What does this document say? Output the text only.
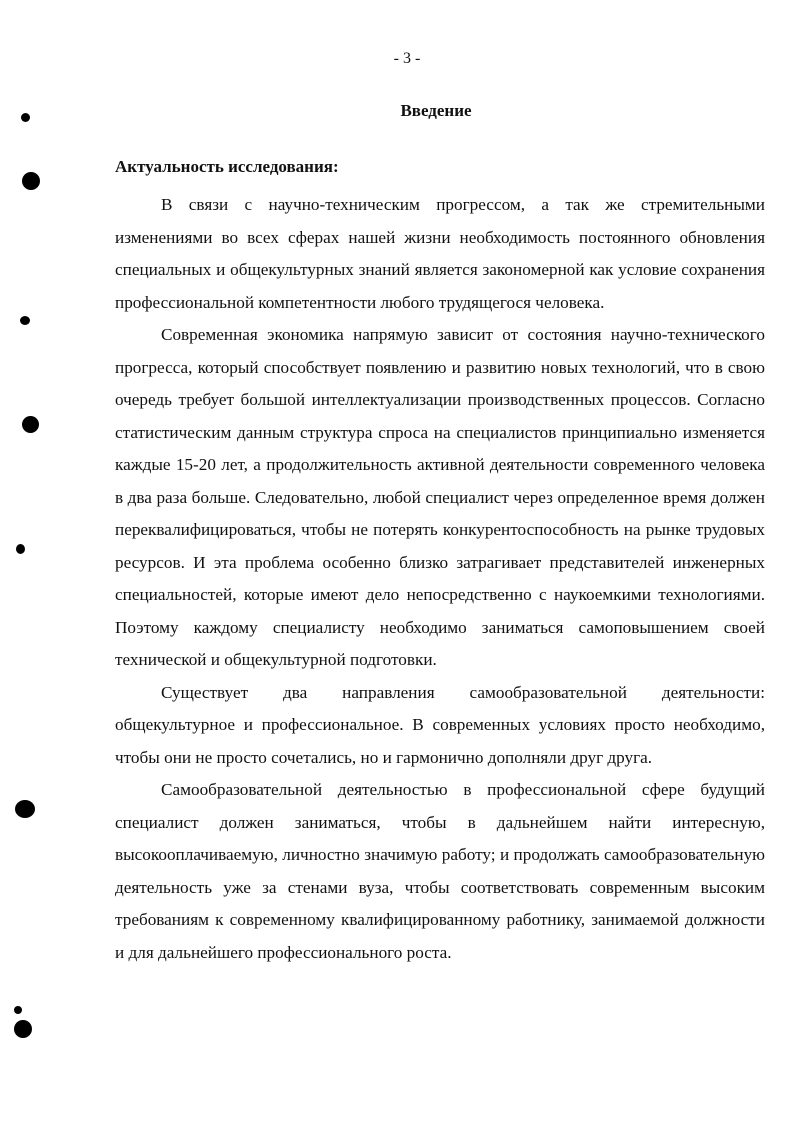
- 3 -
Введение
Актуальность исследования:

В связи с научно-техническим прогрессом, а так же стремительными изменениями во всех сферах нашей жизни необходимость постоянного обновления специальных и общекультурных знаний является закономерной как условие сохранения профессиональной компетентности любого трудящегося человека.

Современная экономика напрямую зависит от состояния научно-технического прогресса, который способствует появлению и развитию новых технологий, что в свою очередь требует большой интеллектуализации производственных процессов. Согласно статистическим данным структура спроса на специалистов принципиально изменяется каждые 15-20 лет, а продолжительность активной деятельности современного человека в два раза больше. Следовательно, любой специалист через определенное время должен переквалифицироваться, чтобы не потерять конкурентоспособность на рынке трудовых ресурсов. И эта проблема особенно близко затрагивает представителей инженерных специальностей, которые имеют дело непосредственно с наукоемкими технологиями. Поэтому каждому специалисту необходимо заниматься самоповышением своей технической и общекультурной подготовки.

Существует два направления самообразовательной деятельности: общекультурное и профессиональное. В современных условиях просто необходимо, чтобы они не просто сочетались, но и гармонично дополняли друг друга.

Самообразовательной деятельностью в профессиональной сфере будущий специалист должен заниматься, чтобы в дальнейшем найти интересную, высокооплачиваемую, личностно значимую работу; и продолжать самообразовательную деятельность уже за стенами вуза, чтобы соответствовать современным высоким требованиям к современному квалифицированному работнику, занимаемой должности и для дальнейшего профессионального роста.
